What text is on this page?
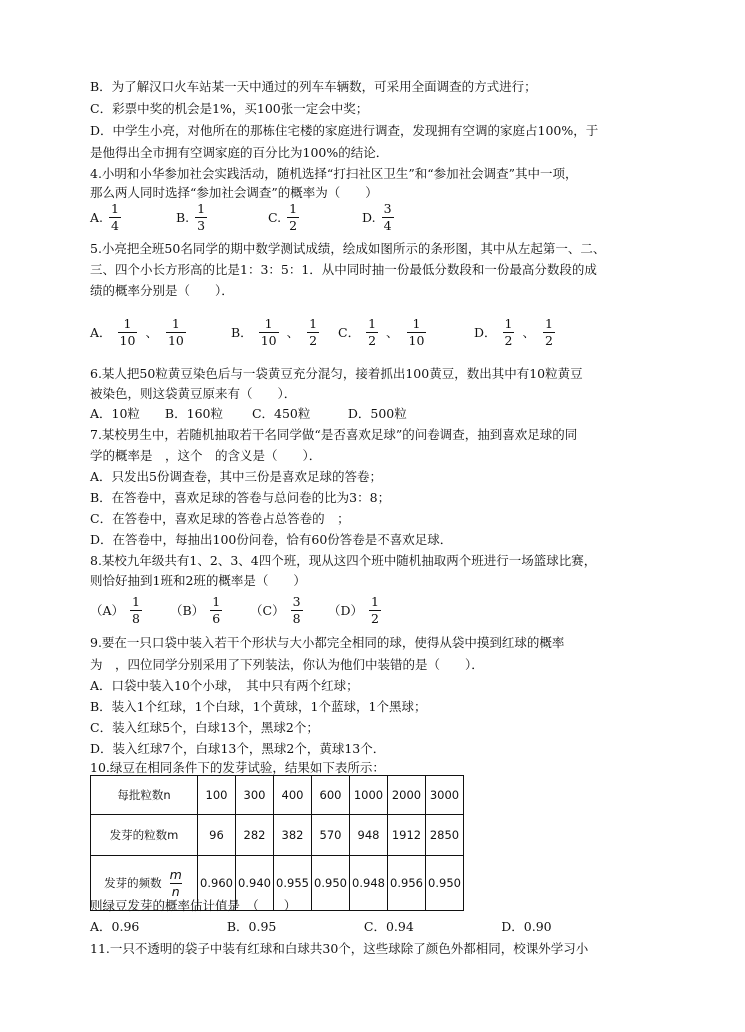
B．为了解汉口火车站某一天中通过的列车车辆数，可采用全面调查的方式进行；
C．彩票中奖的机会是1%，买100张一定会中奖；
D．中学生小亮，对他所在的那栋住宅楼的家庭进行调查，发现拥有空调的家庭占100%，于
是他得出全市拥有空调家庭的百分比为100%的结论．
4.小明和小华参加社会实践活动，随机选择“打扫社区卫生”和“参加社会调查”其中一项，
那么两人同时选择“参加社会调查”的概率为（　　）
A. $\frac{1}{4}$	B. $\frac{1}{3}$	C. $\frac{1}{2}$	D. $\frac{3}{4}$
5.小亮把全班50名同学的期中数学测试成绩，绘成如图所示的条形图，其中从左起第一、二、
三、四个小长方形高的比是1：3：5：1．从中同时抽一份最低分数段和一份最高分数段的成
绩的概率分别是（　　）．
A． $\frac{1}{10}$ 、 $\frac{1}{10}$	B． $\frac{1}{10}$ 、 $\frac{1}{2}$ C． $\frac{1}{2}$ 、 $\frac{1}{10}$	D． $\frac{1}{2}$ 、 $\frac{1}{2}$
6.某人把50粒黄豆染色后与一袋黄豆充分混匀，接着抓出100黄豆，数出其中有10粒黄豆
被染色，则这袋黄豆原来有（　　）．
A．10粒　　B．160粒　　 C．450粒　　　D．500粒
7.某校男生中，若随机抽取若干名同学做“是否喜欢足球”的问卷调查，抽到喜欢足球的同
学的概率是　，这个　的含义是（　　）．
A．只发出5份调查卷，其中三份是喜欢足球的答卷；
B．在答卷中，喜欢足球的答卷与总问卷的比为3：8；
C．在答卷中，喜欢足球的答卷占总答卷的　；
D．在答卷中，每抽出100份问卷，恰有60份答卷是不喜欢足球．
8.某校九年级共有1、2、3、4四个班，现从这四个班中随机抽取两个班进行一场篮球比赛，
则恰好抽到1班和2班的概率是（　　）
$(A) \frac{1}{8} (B) \frac{1}{6} (C) \frac{3}{8} (D) \frac{1}{2}$
9.要在一只口袋中装入若干个形状与大小都完全相同的球，使得从袋中摸到红球的概率
为　，四位同学分别采用了下列装法，你认为他们中装错的是（　　）．
A．口袋中装入10个小球，　其中只有两个红球；
B．装入1个红球，1个白球，1个黄球，1个蓝球，1个黑球；
C．装入红球5个，白球13个，黑球2个；
D．装入红球7个，白球13个，黑球2个，黄球13个．
10.绿豆在相同条件下的发芽试验，结果如下表所示：
每批粒数n	100	300	400	600	1000	2000	3000
发芽的粒数m	96	282	382	570	948	1912	2850

发芽的频数 $\frac{m}{n}$	0.960	0.940	0.955	0.950	0.948	0.956	0.950
则绿豆发芽的概率估计值是　（　　）
A．0.96　　　　　　　B．0.95　　　　　　　C．0.94　　　　　　　D．0.90
11.一只不透明的袋子中装有红球和白球共30个，这些球除了颜色外都相同，校课外学习小
